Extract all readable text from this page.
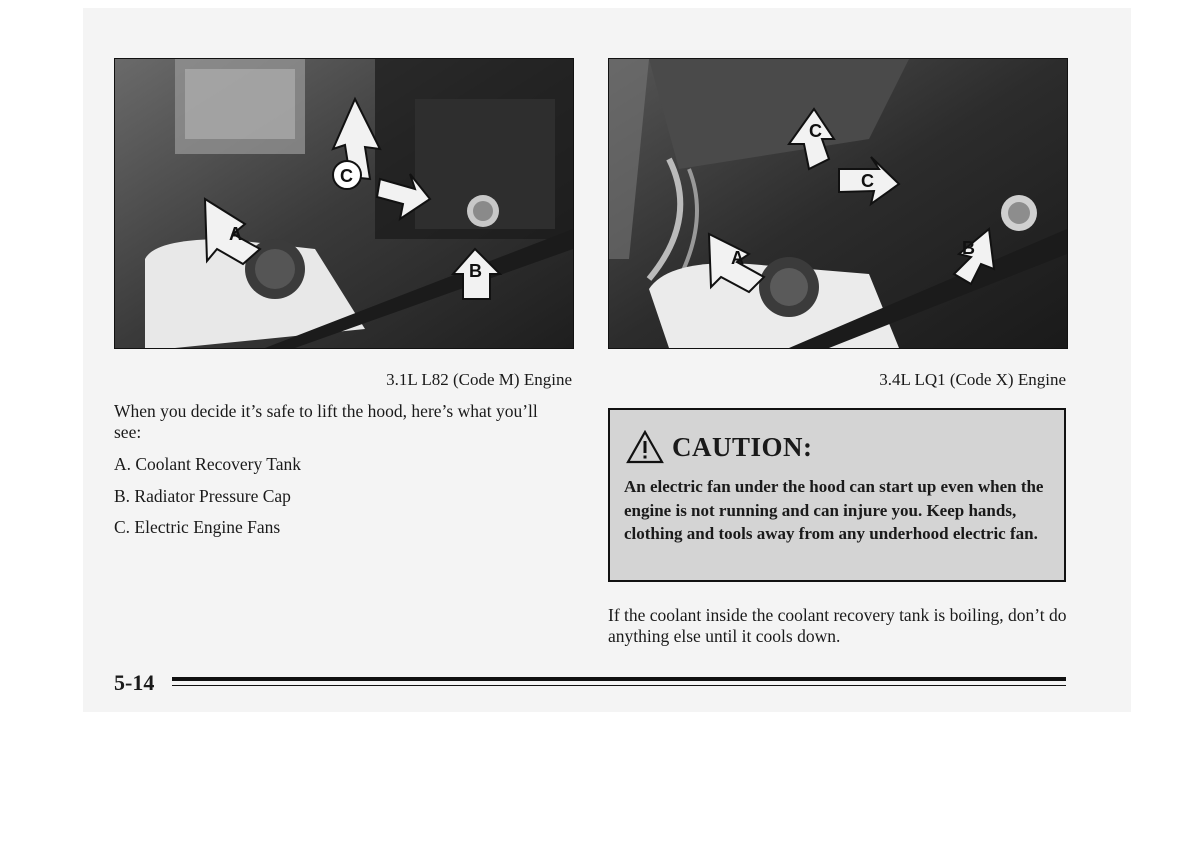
A
B
C
A	B
C
C
3.1L L82 (Code M) Engine	3.4L LQ1 (Code X) Engine
When you decide it’s safe to lift the hood, here’s what you’ll see:
A. Coolant Recovery Tank
B. Radiator Pressure Cap
C. Electric Engine Fans
CAUTION:
An electric fan under the hood can start up even when the engine is not running and can injure you. Keep hands, clothing and tools away from any underhood electric fan.
If the coolant inside the coolant recovery tank is boiling, don’t do anything else until it cools down.
5-14
